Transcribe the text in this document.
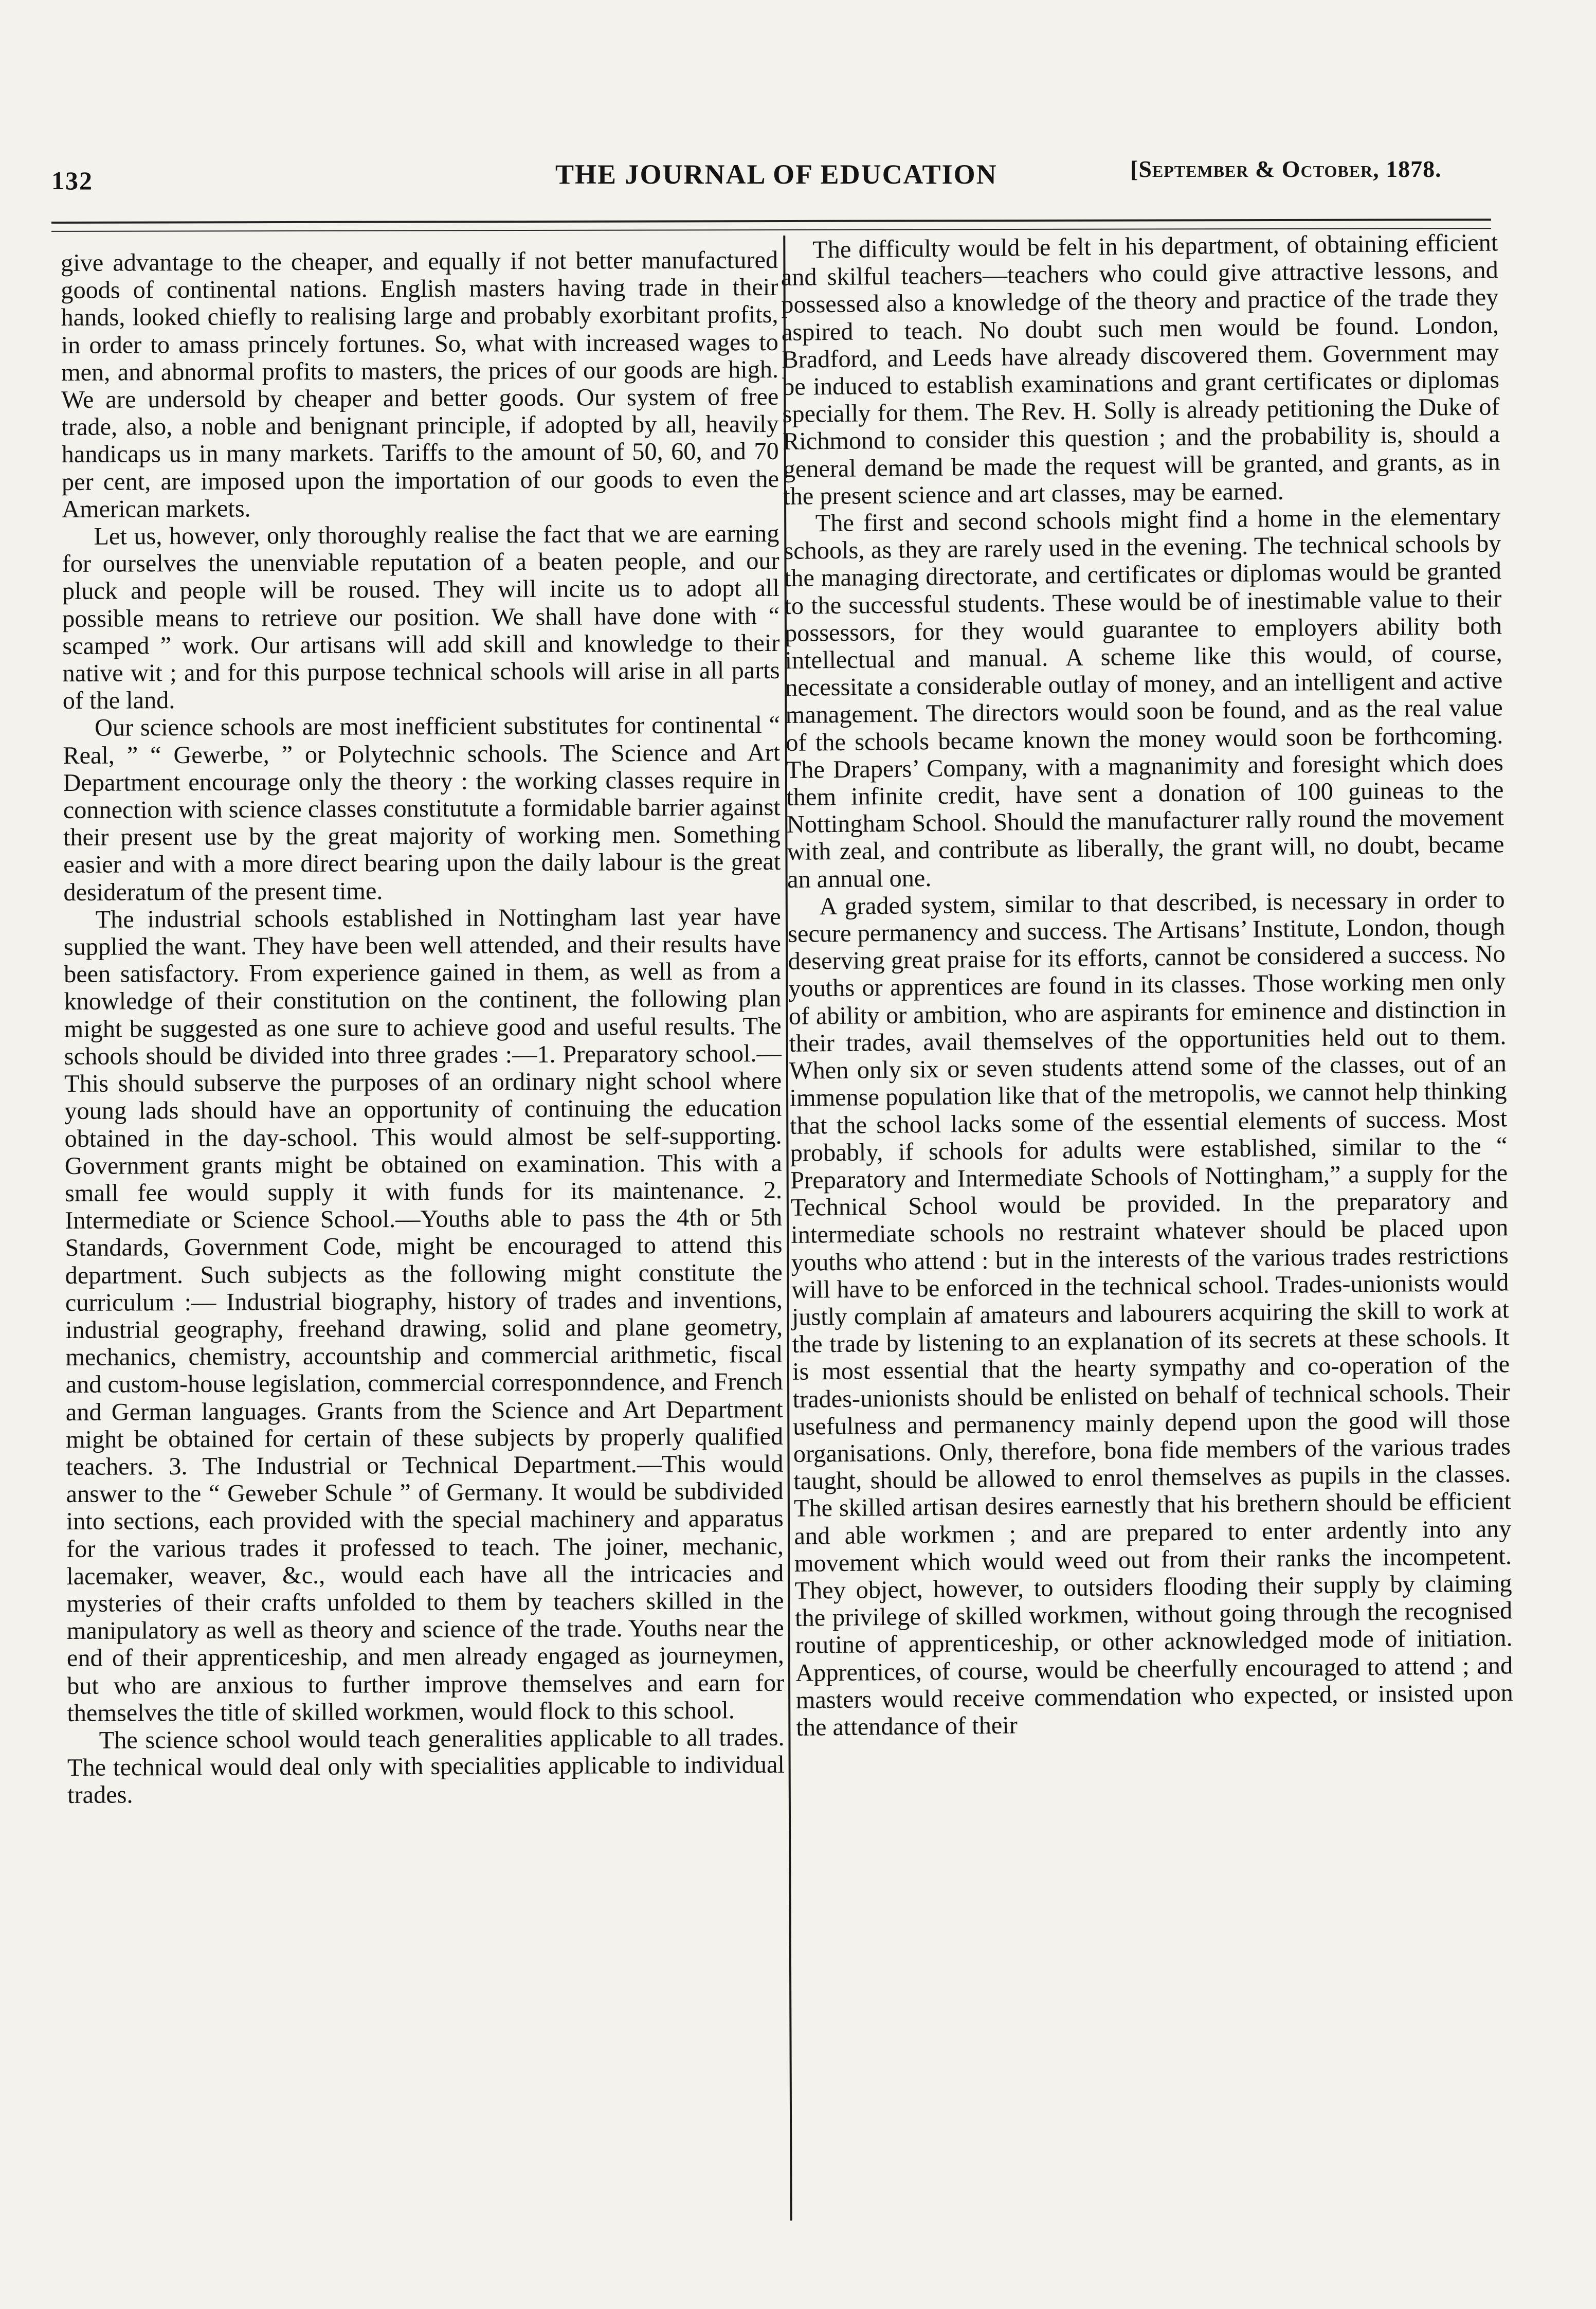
132	THE JOURNAL OF EDUCATION	[September & October, 1878.

give advantage to the cheaper, and equally if not better manufactured goods of continental nations. English masters having trade in their hands, looked chiefly to realising large and probably exorbitant profits, in order to amass princely fortunes. So, what with increased wages to men, and abnormal profits to masters, the prices of our goods are high. We are undersold by cheaper and better goods. Our system of free trade, also, a noble and benignant principle, if adopted by all, heavily handicaps us in many markets. Tariffs to the amount of 50, 60, and 70 per cent, are imposed upon the importation of our goods to even the American markets.

Let us, however, only thoroughly realise the fact that we are earning for ourselves the unenviable reputation of a beaten people, and our pluck and people will be roused. They will incite us to adopt all possible means to retrieve our position. We shall have done with “ scamped ” work. Our artisans will add skill and knowledge to their native wit ; and for this purpose technical schools will arise in all parts of the land.

Our science schools are most inefficient substitutes for continental “ Real, ” “ Gewerbe, ” or Polytechnic schools. The Science and Art Department encourage only the theory : the working classes require in connection with science classes constitutute a formidable barrier against their present use by the great majority of working men. Something easier and with a more direct bearing upon the daily labour is the great desideratum of the present time.

The industrial schools established in Nottingham last year have supplied the want. They have been well attended, and their results have been satisfactory. From experience gained in them, as well as from a knowledge of their constitution on the continent, the following plan might be suggested as one sure to achieve good and useful results. The schools should be divided into three grades :—1. Preparatory school.—This should subserve the purposes of an ordinary night school where young lads should have an opportunity of continuing the education obtained in the day-school. This would almost be self-supporting. Government grants might be obtained on examination. This with a small fee would supply it with funds for its maintenance. 2. Intermediate or Science School.—Youths able to pass the 4th or 5th Standards, Government Code, might be encouraged to attend this department. Such subjects as the following might constitute the curriculum :— Industrial biography, history of trades and inventions, industrial geography, freehand drawing, solid and plane geometry, mechanics, chemistry, accountship and commercial arithmetic, fiscal and custom-house legislation, commercial corresponndence, and French and German languages. Grants from the Science and Art Department might be obtained for certain of these subjects by properly qualified teachers. 3. The Industrial or Technical Department.—This would answer to the “ Geweber Schule ” of Germany. It would be subdivided into sections, each provided with the special machinery and apparatus for the various trades it professed to teach. The joiner, mechanic, lacemaker, weaver, &c., would each have all the intricacies and mysteries of their crafts unfolded to them by teachers skilled in the manipulatory as well as theory and science of the trade. Youths near the end of their apprenticeship, and men already engaged as journeymen, but who are anxious to further improve themselves and earn for themselves the title of skilled workmen, would flock to this school.

The science school would teach generalities applicable to all trades. The technical would deal only with specialities applicable to individual trades.

The difficulty would be felt in his department, of obtaining efficient and skilful teachers—teachers who could give attractive lessons, and possessed also a knowledge of the theory and practice of the trade they aspired to teach. No doubt such men would be found. London, Bradford, and Leeds have already discovered them. Government may be induced to establish examinations and grant certificates or diplomas specially for them. The Rev. H. Solly is already petitioning the Duke of Richmond to consider this question ; and the probability is, should a general demand be made the request will be granted, and grants, as in the present science and art classes, may be earned.

The first and second schools might find a home in the elementary schools, as they are rarely used in the evening. The technical schools by the managing directorate, and certificates or diplomas would be granted to the successful students. These would be of inestimable value to their possessors, for they would guarantee to employers ability both intellectual and manual. A scheme like this would, of course, necessitate a considerable outlay of money, and an intelligent and active management. The directors would soon be found, and as the real value of the schools became known the money would soon be forthcoming. The Drapers’ Company, with a magnanimity and foresight which does them infinite credit, have sent a donation of 100 guineas to the Nottingham School. Should the manufacturer rally round the movement with zeal, and contribute as liberally, the grant will, no doubt, became an annual one.

A graded system, similar to that described, is necessary in order to secure permanency and success. The Artisans’ Institute, London, though deserving great praise for its efforts, cannot be considered a success. No youths or apprentices are found in its classes. Those working men only of ability or ambition, who are aspirants for eminence and distinction in their trades, avail themselves of the opportunities held out to them. When only six or seven students attend some of the classes, out of an immense population like that of the metropolis, we cannot help thinking that the school lacks some of the essential elements of success. Most probably, if schools for adults were established, similar to the “ Preparatory and Intermediate Schools of Nottingham,” a supply for the Technical School would be provided. In the preparatory and intermediate schools no restraint whatever should be placed upon youths who attend : but in the interests of the various trades restrictions will have to be enforced in the technical school. Trades-unionists would justly complain af amateurs and labourers acquiring the skill to work at the trade by listening to an explanation of its secrets at these schools. It is most essential that the hearty sympathy and co-operation of the trades-unionists should be enlisted on behalf of technical schools. Their usefulness and permanency mainly depend upon the good will those organisations. Only, therefore, bona fide members of the various trades taught, should be allowed to enrol themselves as pupils in the classes. The skilled artisan desires earnestly that his brethern should be efficient and able workmen ; and are prepared to enter ardently into any movement which would weed out from their ranks the incompetent. They object, however, to outsiders flooding their supply by claiming the privilege of skilled workmen, without going through the recognised routine of apprenticeship, or other acknowledged mode of initiation. Apprentices, of course, would be cheerfully encouraged to attend ; and masters would receive commendation who expected, or insisted upon the attendance of their
